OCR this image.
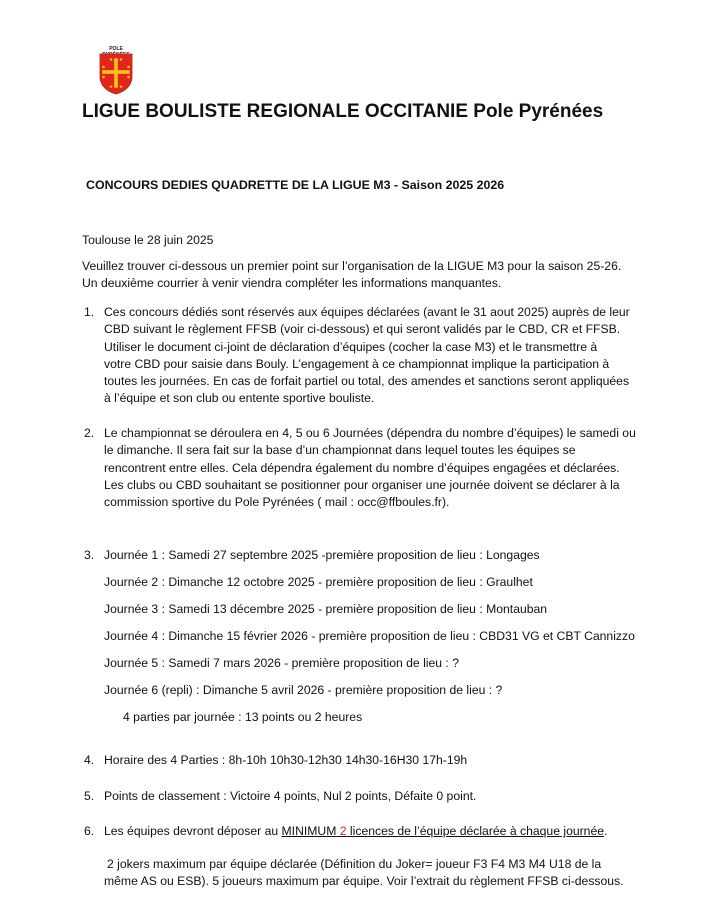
POLE
LIGUE BOULISTE REGIONALE OCCITANIE Pole Pyrénées
CONCOURS DEDIES QUADRETTE DE LA LIGUE M3 - Saison 2025 2026
Toulouse le 28 juin 2025
Veuillez trouver ci-dessous un premier point sur l’organisation de la LIGUE M3 pour la saison 25-26.
Un deuxième courrier à venir viendra compléter les informations manquantes.
1. Ces concours dédiés sont réservés aux équipes déclarées (avant le 31 aout 2025) auprès de leur
CBD suivant le règlement FFSB (voir ci-dessous) et qui seront validés par le CBD, CR et FFSB.
Utiliser le document ci-joint de déclaration d’équipes (cocher la case M3) et le transmettre à
votre CBD pour saisie dans Bouly. L’engagement à ce championnat implique la participation à
toutes les journées. En cas de forfait partiel ou total, des amendes et sanctions seront appliquées
à l’équipe et son club ou entente sportive bouliste.
2. Le championnat se déroulera en 4, 5 ou 6 Journées (dépendra du nombre d’équipes) le samedi ou
le dimanche. Il sera fait sur la base d’un championnat dans lequel toutes les équipes se
rencontrent entre elles. Cela dépendra également du nombre d’équipes engagées et déclarées.
Les clubs ou CBD souhaitant se positionner pour organiser une journée doivent se déclarer à la
commission sportive du Pole Pyrénées ( mail : occ@ffboules.fr).
3. Journée 1 : Samedi 27 septembre 2025 -première proposition de lieu : Longages
Journée 2 : Dimanche 12 octobre 2025 - première proposition de lieu : Graulhet
Journée 3 : Samedi 13 décembre 2025 - première proposition de lieu : Montauban
Journée 4 : Dimanche 15 février 2026 - première proposition de lieu : CBD31 VG et CBT Cannizzo
Journée 5 : Samedi 7 mars 2026 - première proposition de lieu : ?
Journée 6 (repli) : Dimanche 5 avril 2026 - première proposition de lieu : ?
4 parties par journée : 13 points ou 2 heures
4. Horaire des 4 Parties : 8h-10h 10h30-12h30 14h30-16H30 17h-19h
5. Points de classement : Victoire 4 points, Nul 2 points, Défaite 0 point.
6. Les équipes devront déposer au MINIMUM 2 licences de l’équipe déclarée à chaque journée.
2 jokers maximum par équipe déclarée (Définition du Joker= joueur F3 F4 M3 M4 U18 de la
même AS ou ESB). 5 joueurs maximum par équipe. Voir l’extrait du règlement FFSB ci-dessous.
